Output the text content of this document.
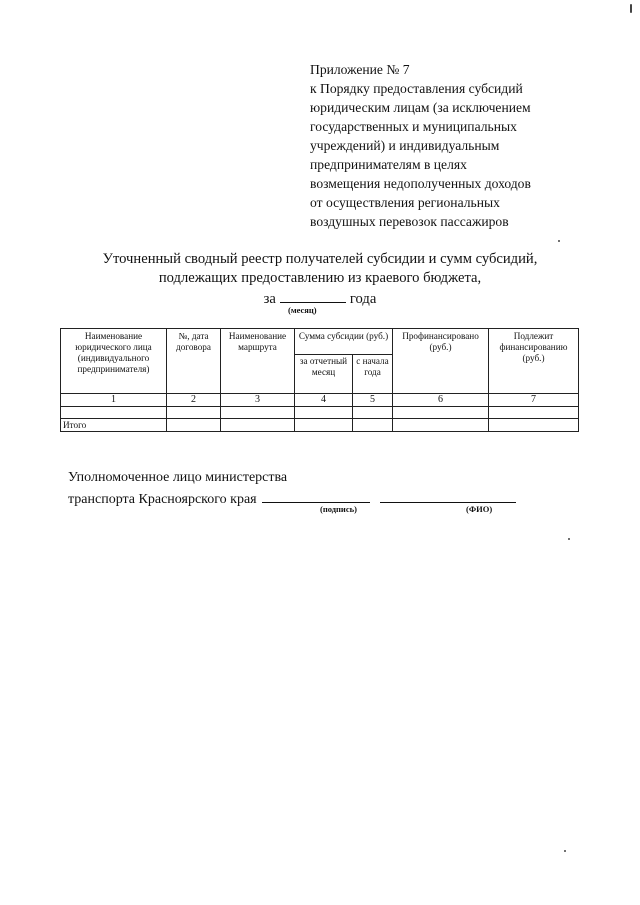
Приложение № 7
к Порядку предоставления субсидий
юридическим лицам (за исключением
государственных и муниципальных
учреждений) и индивидуальным
предпринимателям в целях
возмещения недополученных доходов
от осуществления региональных
воздушных перевозок пассажиров
Уточненный сводный реестр получателей субсидии и сумм субсидий,
подлежащих предоставлению из краевого бюджета,
за	года
(месяц)
Наименование юридического лица (индивидуального предпринимателя)	№, дата договора	Наименование маршрута	Сумма субсидии (руб.)		Профинансировано (руб.)	Подлежит финансированию (руб.)
			за отчетный месяц	с начала года		
1	2	3	4	5	6	7

Итого						
Уполномоченное лицо министерства
транспорта Красноярского края
(подпись)	(ФИО)
